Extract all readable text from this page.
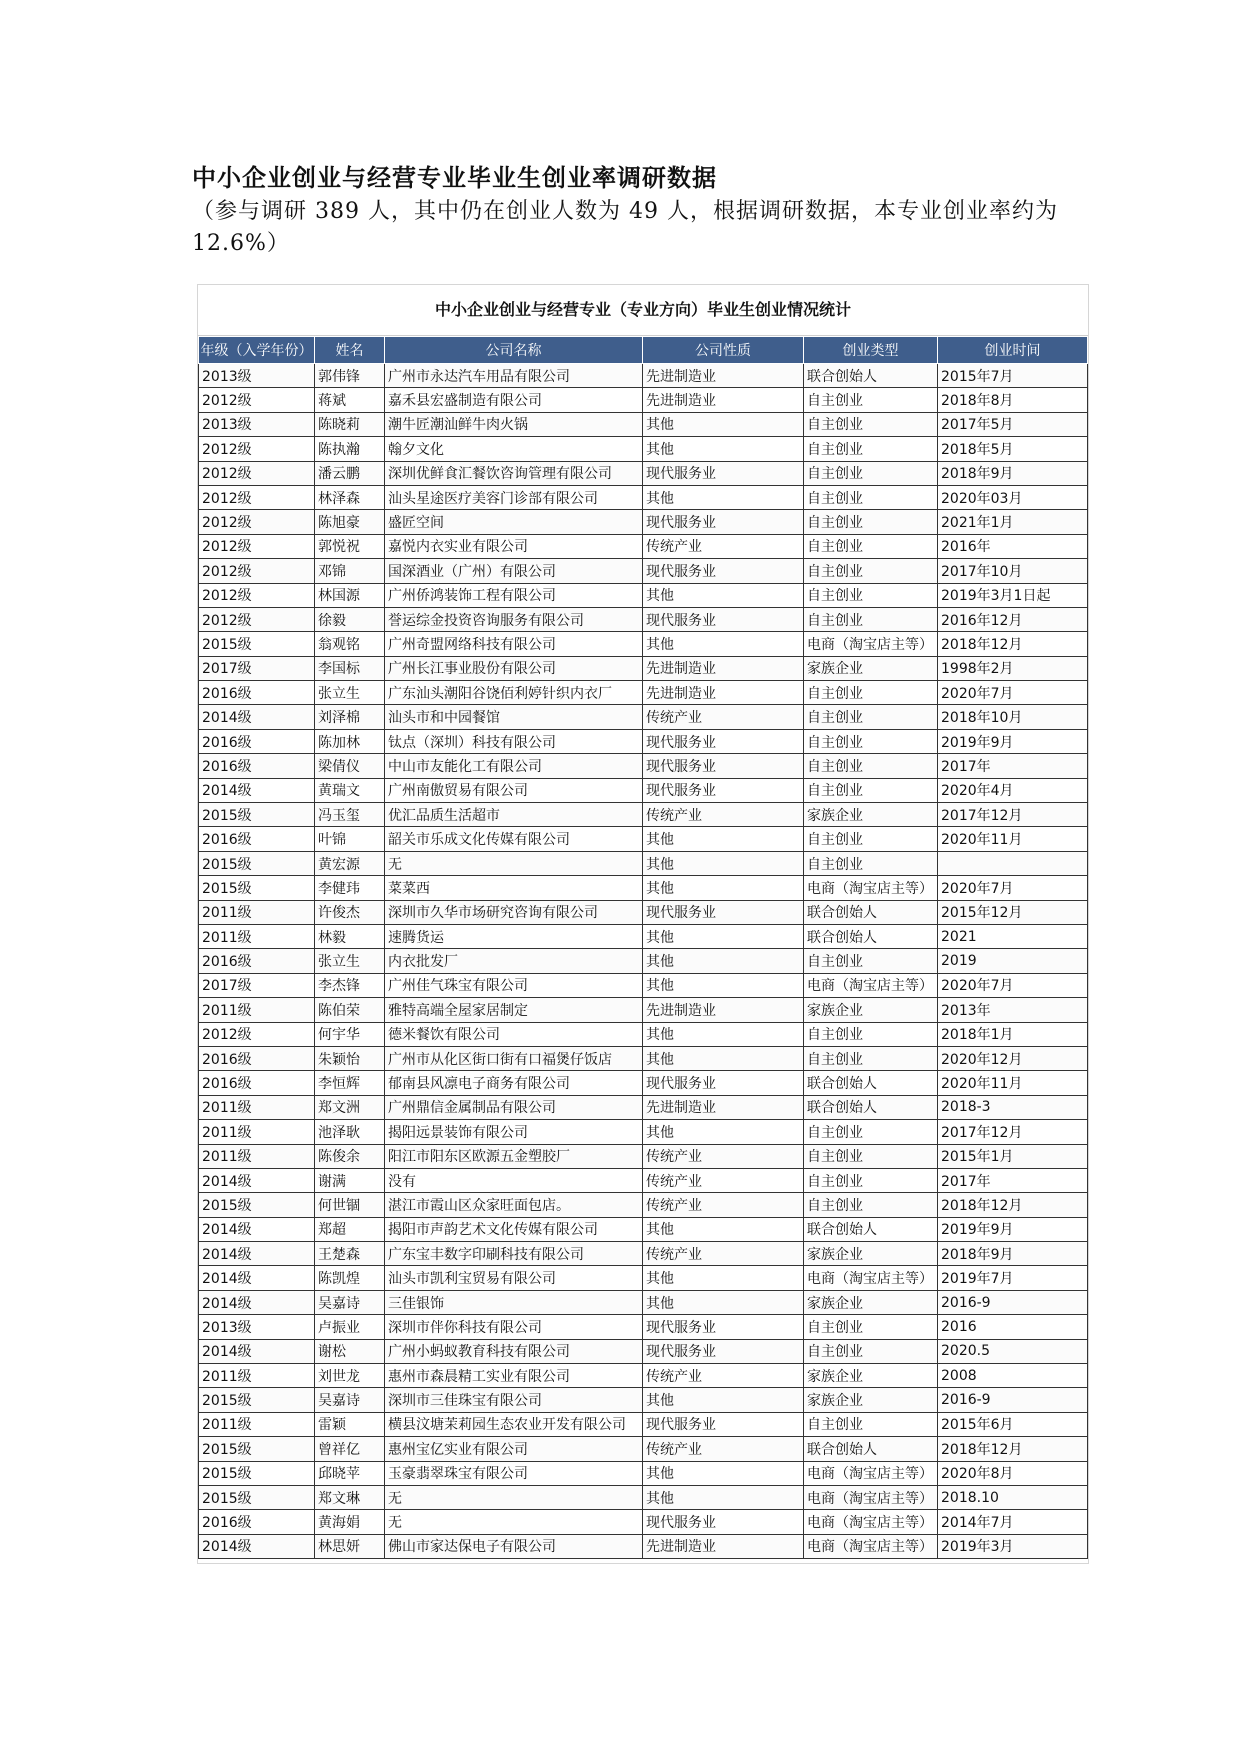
中小企业创业与经营专业毕业生创业率调研数据
（参与调研 389 人，其中仍在创业人数为 49 人，根据调研数据，本专业创业率约为 12.6%）
中小企业创业与经营专业（专业方向）毕业生创业情况统计
年级（入学年份）	姓名	公司名称	公司性质	创业类型	创业时间
2013级	郭伟锋	广州市永达汽车用品有限公司	先进制造业	联合创始人	2015年7月
2012级	蒋斌	嘉禾县宏盛制造有限公司	先进制造业	自主创业	2018年8月
2013级	陈晓莉	潮牛匠潮汕鲜牛肉火锅	其他	自主创业	2017年5月
2012级	陈执瀚	翰夕文化	其他	自主创业	2018年5月
2012级	潘云鹏	深圳优鲜食汇餐饮咨询管理有限公司	现代服务业	自主创业	2018年9月
2012级	林泽森	汕头星途医疗美容门诊部有限公司	其他	自主创业	2020年03月
2012级	陈旭豪	盛匠空间	现代服务业	自主创业	2021年1月
2012级	郭悦祝	嘉悦内衣实业有限公司	传统产业	自主创业	2016年
2012级	邓锦	国深酒业（广州）有限公司	现代服务业	自主创业	2017年10月
2012级	林国源	广州侨鸿装饰工程有限公司	其他	自主创业	2019年3月1日起
2012级	徐毅	誉运综金投资咨询服务有限公司	现代服务业	自主创业	2016年12月
2015级	翁观铭	广州奇盟网络科技有限公司	其他	电商（淘宝店主等）	2018年12月
2017级	李国标	广州长江事业股份有限公司	先进制造业	家族企业	1998年2月
2016级	张立生	广东汕头潮阳谷饶佰利婷针织内衣厂	先进制造业	自主创业	2020年7月
2014级	刘泽棉	汕头市和中园餐馆	传统产业	自主创业	2018年10月
2016级	陈加林	钛点（深圳）科技有限公司	现代服务业	自主创业	2019年9月
2016级	梁倩仪	中山市友能化工有限公司	现代服务业	自主创业	2017年
2014级	黄瑞文	广州南傲贸易有限公司	现代服务业	自主创业	2020年4月
2015级	冯玉玺	优汇品质生活超市	传统产业	家族企业	2017年12月
2016级	叶锦	韶关市乐成文化传媒有限公司	其他	自主创业	2020年11月
2015级	黄宏源	无	其他	自主创业	
2015级	李健玮	菜菜西	其他	电商（淘宝店主等）	2020年7月
2011级	许俊杰	深圳市久华市场研究咨询有限公司	现代服务业	联合创始人	2015年12月
2011级	林毅	速腾货运	其他	联合创始人	2021
2016级	张立生	内衣批发厂	其他	自主创业	2019
2017级	李杰锋	广州佳气珠宝有限公司	其他	电商（淘宝店主等）	2020年7月
2011级	陈伯荣	雅特高端全屋家居制定	先进制造业	家族企业	2013年
2012级	何宇华	德米餐饮有限公司	其他	自主创业	2018年1月
2016级	朱颖怡	广州市从化区街口街有口福煲仔饭店	其他	自主创业	2020年12月
2016级	李恒辉	郁南县风凛电子商务有限公司	现代服务业	联合创始人	2020年11月
2011级	郑文洲	广州鼎信金属制品有限公司	先进制造业	联合创始人	2018-3
2011级	池泽耿	揭阳远景装饰有限公司	其他	自主创业	2017年12月
2011级	陈俊余	阳江市阳东区欧源五金塑胶厂	传统产业	自主创业	2015年1月
2014级	谢满	没有	传统产业	自主创业	2017年
2015级	何世锢	湛江市霞山区众家旺面包店。	传统产业	自主创业	2018年12月
2014级	郑超	揭阳市声韵艺术文化传媒有限公司	其他	联合创始人	2019年9月
2014级	王楚森	广东宝丰数字印刷科技有限公司	传统产业	家族企业	2018年9月
2014级	陈凯煌	汕头市凯利宝贸易有限公司	其他	电商（淘宝店主等）	2019年7月
2014级	吴嘉诗	三佳银饰	其他	家族企业	2016-9
2013级	卢振业	深圳市伴你科技有限公司	现代服务业	自主创业	2016
2014级	谢松	广州小蚂蚁教育科技有限公司	现代服务业	自主创业	2020.5
2011级	刘世龙	惠州市森晨精工实业有限公司	传统产业	家族企业	2008
2015级	吴嘉诗	深圳市三佳珠宝有限公司	其他	家族企业	2016-9
2011级	雷颖	横县汶塘茉莉园生态农业开发有限公司	现代服务业	自主创业	2015年6月
2015级	曾祥亿	惠州宝亿实业有限公司	传统产业	联合创始人	2018年12月
2015级	邱晓苹	玉豪翡翠珠宝有限公司	其他	电商（淘宝店主等）	2020年8月
2015级	郑文琳	无	其他	电商（淘宝店主等）	2018.10
2016级	黄海娟	无	现代服务业	电商（淘宝店主等）	2014年7月
2014级	林思妍	佛山市家达保电子有限公司	先进制造业	电商（淘宝店主等）	2019年3月
